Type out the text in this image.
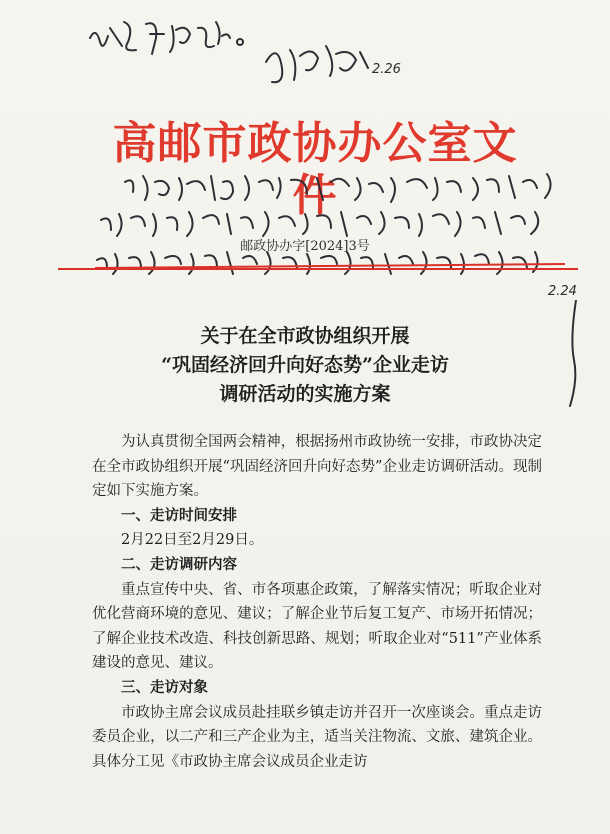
2.26
高邮市政协办公室文件
2.24
邮政协办字[2024]3号
关于在全市政协组织开展
“巩固经济回升向好态势”企业走访
调研活动的实施方案

为认真贯彻全国两会精神，根据扬州市政协统一安排，市政协决定在全市政协组织开展“巩固经济回升向好态势”企业走访调研活动。现制定如下实施方案。

一、走访时间安排

2月22日至2月29日。

二、走访调研内容

重点宣传中央、省、市各项惠企政策，了解落实情况；听取企业对优化营商环境的意见、建议；了解企业节后复工复产、市场开拓情况；了解企业技术改造、科技创新思路、规划；听取企业对“511”产业体系建设的意见、建议。

三、走访对象

市政协主席会议成员赴挂联乡镇走访并召开一次座谈会。重点走访委员企业，以二产和三产企业为主，适当关注物流、文旅、建筑企业。具体分工见《市政协主席会议成员企业走访
